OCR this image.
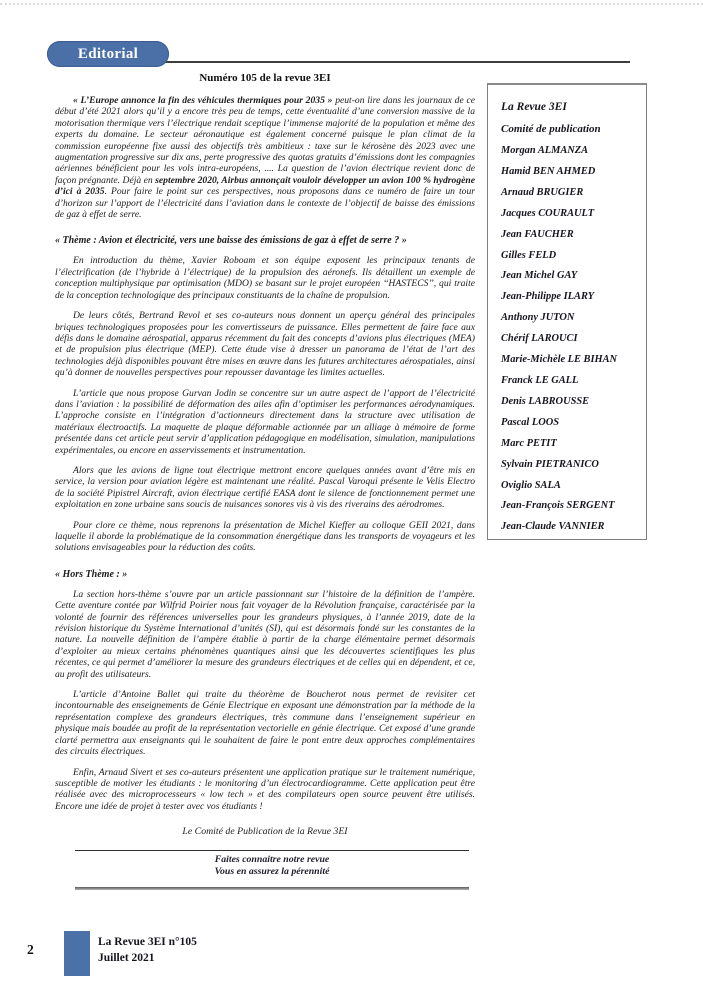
Editorial
Numéro 105 de la revue 3EI

« L’Europe annonce la fin des véhicules thermiques pour 2035 » peut-on lire dans les journaux de ce début d’été 2021 alors qu’il y a encore très peu de temps, cette éventualité d’une conversion massive de la motorisation thermique vers l’électrique rendait sceptique l’immense majorité de la population et même des experts du domaine. Le secteur aéronautique est également concerné puisque le plan climat de la commission européenne fixe aussi des objectifs très ambitieux : taxe sur le kérosène dès 2023 avec une augmentation progressive sur dix ans, perte progressive des quotas gratuits d’émissions dont les compagnies aériennes bénéficient pour les vols intra-européens, .... La question de l’avion électrique revient donc de façon prégnante. Déjà en septembre 2020, Airbus annonçait vouloir développer un avion 100 % hydrogène d’ici à 2035. Pour faire le point sur ces perspectives, nous proposons dans ce numéro de faire un tour d’horizon sur l’apport de l’électricité dans l’aviation dans le contexte de l’objectif de baisse des émissions de gaz à effet de serre.

« Thème : Avion et électricité, vers une baisse des émissions de gaz à effet de serre ? »

En introduction du thème, Xavier Roboam et son équipe exposent les principaux tenants de l’électrification (de l’hybride à l’électrique) de la propulsion des aéronefs. Ils détaillent un exemple de conception multiphysique par optimisation (MDO) se basant sur le projet européen ‘‘HASTECS’’, qui traite de la conception technologique des principaux constituants de la chaîne de propulsion.

De leurs côtés, Bertrand Revol et ses co-auteurs nous donnent un aperçu général des principales briques technologiques proposées pour les convertisseurs de puissance. Elles permettent de faire face aux défis dans le domaine aérospatial, apparus récemment du fait des concepts d’avions plus électriques (MEA) et de propulsion plus électrique (MEP). Cette étude vise à dresser un panorama de l’état de l’art des technologies déjà disponibles pouvant être mises en œuvre dans les futures architectures aérospatiales, ainsi qu’à donner de nouvelles perspectives pour repousser davantage les limites actuelles.

L’article que nous propose Gurvan Jodin se concentre sur un autre aspect de l’apport de l’électricité dans l’aviation : la possibilité de déformation des ailes afin d’optimiser les performances aérodynamiques. L’approche consiste en l’intégration d’actionneurs directement dans la structure avec utilisation de matériaux électroactifs. La maquette de plaque déformable actionnée par un alliage à mémoire de forme présentée dans cet article peut servir d’application pédagogique en modélisation, simulation, manipulations expérimentales, ou encore en asservissements et instrumentation.

Alors que les avions de ligne tout électrique mettront encore quelques années avant d’être mis en service, la version pour aviation légère est maintenant une réalité. Pascal Varoqui présente le Velis Electro de la société Pipistrel Aircraft, avion électrique certifié EASA dont le silence de fonctionnement permet une exploitation en zone urbaine sans soucis de nuisances sonores vis à vis des riverains des aérodromes.

Pour clore ce thème, nous reprenons la présentation de Michel Kieffer au colloque GEII 2021, dans laquelle il aborde la problématique de la consommation énergétique dans les transports de voyageurs et les solutions envisageables pour la réduction des coûts.

« Hors Thème : »

La section hors-thème s’ouvre par un article passionnant sur l’histoire de la définition de l’ampère. Cette aventure contée par Wilfrid Poirier nous fait voyager de la Révolution française, caractérisée par la volonté de fournir des références universelles pour les grandeurs physiques, à l’année 2019, date de la révision historique du Système International d’unités (SI), qui est désormais fondé sur les constantes de la nature. La nouvelle définition de l’ampère établie à partir de la charge élémentaire permet désormais d’exploiter au mieux certains phénomènes quantiques ainsi que les découvertes scientifiques les plus récentes, ce qui permet d’améliorer la mesure des grandeurs électriques et de celles qui en dépendent, et ce, au profit des utilisateurs.

L’article d’Antoine Ballet qui traite du théorème de Boucherot nous permet de revisiter cet incontournable des enseignements de Génie Electrique en exposant une démonstration par la méthode de la représentation complexe des grandeurs électriques, très commune dans l’enseignement supérieur en physique mais boudée au profit de la représentation vectorielle en génie électrique. Cet exposé d’une grande clarté permettra aux enseignants qui le souhaitent de faire le pont entre deux approches complémentaires des circuits électriques.

Enfin, Arnaud Sivert et ses co-auteurs présentent une application pratique sur le traitement numérique, susceptible de motiver les étudiants : le monitoring d’un électrocardiogramme. Cette application peut être réalisée avec des microprocesseurs « low tech » et des compilateurs open source peuvent être utilisés. Encore une idée de projet à tester avec vos étudiants !

Le Comité de Publication de la Revue 3EI
Faites connaitre notre revue
Vous en assurez la pérennité
La Revue 3EI
Comité de publication
Morgan ALMANZA
Hamid BEN AHMED
Arnaud BRUGIER
Jacques COURAULT
Jean FAUCHER
Gilles FELD
Jean Michel GAY
Jean-Philippe ILARY
Anthony JUTON
Chérif LAROUCI
Marie-Michèle LE BIHAN
Franck LE GALL
Denis LABROUSSE
Pascal LOOS
Marc PETIT
Sylvain PIETRANICO
Oviglio SALA
Jean-François SERGENT
Jean-Claude VANNIER
2	La Revue 3EI n°105
Juillet 2021
